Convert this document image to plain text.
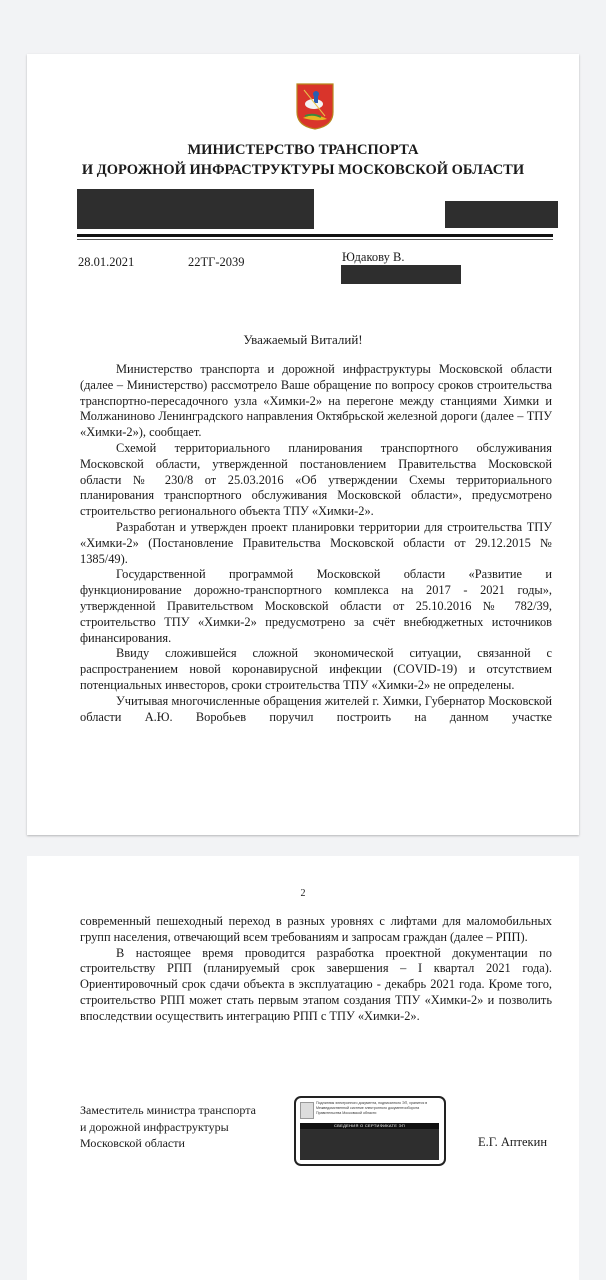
МИНИСТЕРСТВО ТРАНСПОРТА
И ДОРОЖНОЙ ИНФРАСТРУКТУРЫ МОСКОВСКОЙ ОБЛАСТИ
28.01.2021	22ТГ-2039	Юдакову В.
Уважаемый Виталий!

Министерство транспорта и дорожной инфраструктуры Московской области (далее – Министерство) рассмотрело Ваше обращение по вопросу сроков строительства транспортно-пересадочного узла «Химки-2» на перегоне между станциями Химки и Молжаниново Ленинградского направления Октябрьской железной дороги (далее – ТПУ «Химки-2»), сообщает.

Схемой территориального планирования транспортного обслуживания Московской области, утвержденной постановлением Правительства Московской области № 230/8 от 25.03.2016 «Об утверждении Схемы территориального планирования транспортного обслуживания Московской области», предусмотрено строительство регионального объекта ТПУ «Химки-2».

Разработан и утвержден проект планировки территории для строительства ТПУ «Химки-2» (Постановление Правительства Московской области от 29.12.2015 № 1385/49).

Государственной программой Московской области «Развитие и функционирование дорожно-транспортного комплекса на 2017 - 2021 годы», утвержденной Правительством Московской области от 25.10.2016 № 782/39, строительство ТПУ «Химки-2» предусмотрено за счёт внебюджетных источников финансирования.

Ввиду сложившейся сложной экономической ситуации, связанной с распространением новой коронавирусной инфекции (COVID-19) и отсутствием потенциальных инвесторов, сроки строительства ТПУ «Химки-2» не определены.

Учитывая многочисленные обращения жителей г. Химки, Губернатор Московской области А.Ю. Воробьев поручил построить на данном участке

2

современный пешеходный переход в разных уровнях с лифтами для маломобильных групп населения, отвечающий всем требованиям и запросам граждан (далее – РПП).

В настоящее время проводится разработка проектной документации по строительству РПП (планируемый срок завершения – I квартал 2021 года). Ориентировочный срок сдачи объекта в эксплуатацию - декабрь 2021 года. Кроме того, строительство РПП может стать первым этапом создания ТПУ «Химки-2» и позволить впоследствии осуществить интеграцию РПП с ТПУ «Химки-2».

Заместитель министра транспорта
и дорожной инфраструктуры
Московской области
Подлинник электронного документа, подписанного ЭП, хранится в Межведомственной системе электронного документооборота Правительства Московской области
СВЕДЕНИЯ О СЕРТИФИКАТЕ ЭП
Е.Г. Аптекин
